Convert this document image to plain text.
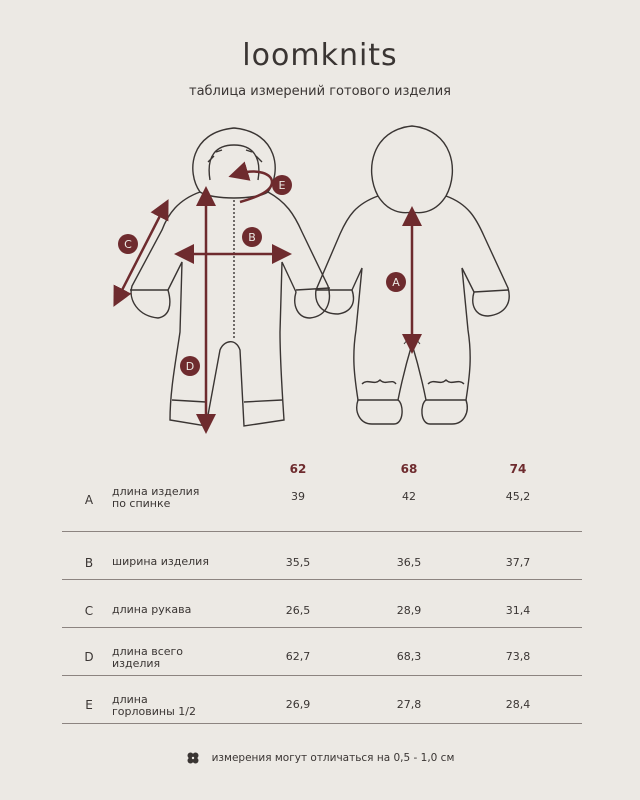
loomknits
таблица измерений готового изделия
A
B
C
D
E
62	68	74
A
длина изделия
по спинке
39	42	45,2
B ширина изделия	35,5	36,5	37,7
C длина рукава	26,5	28,9	31,4
D длина всего
изделия
62,7	68,3	73,8
E длина
горловины 1/2
26,9	27,8	28,4
измерения могут отличаться на 0,5 - 1,0 см
